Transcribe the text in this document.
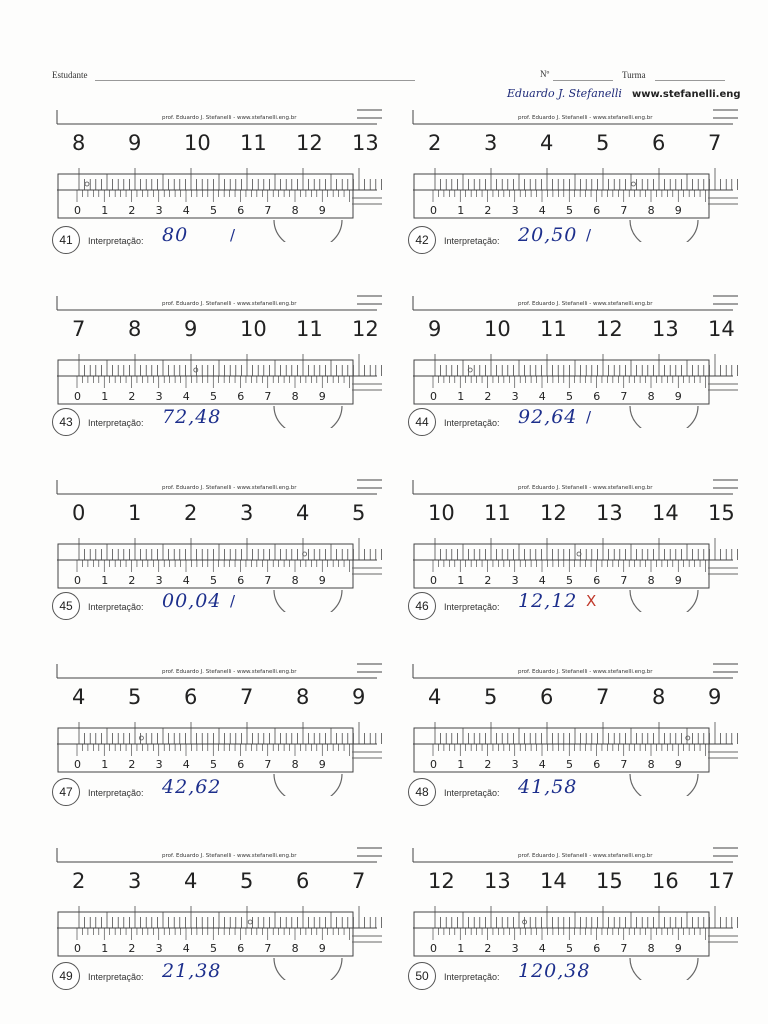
Estudante	Nº	Turma
Eduardo J. Stefanelli www.stefanelli.eng
prof. Eduardo J. Stefanelli - www.stefanelli.eng.br
8 9 10 11 12 13
0 1 2 3 4 5 6 7 8 9
41	Interpretação: 80	/
prof. Eduardo J. Stefanelli - www.stefanelli.eng.br
2 3 4 5 6 7
0 1 2 3 4 5 6 7 8 9
42	Interpretação: 20,50 /
prof. Eduardo J. Stefanelli - www.stefanelli.eng.br
7 8 9 10 11 12
0 1 2 3 4 5 6 7 8 9
43	Interpretação: 72,48
prof. Eduardo J. Stefanelli - www.stefanelli.eng.br
9 10 11 12 13 14
0 1 2 3 4 5 6 7 8 9
44	Interpretação: 92,64 /
prof. Eduardo J. Stefanelli - www.stefanelli.eng.br
0 1 2 3 4 5
0 1 2 3 4 5 6 7 8 9
45	Interpretação: 00,04 /
prof. Eduardo J. Stefanelli - www.stefanelli.eng.br
10 11 12 13 14 15
0 1 2 3 4 5 6 7 8 9
46	Interpretação: 12,12 X
prof. Eduardo J. Stefanelli - www.stefanelli.eng.br
4 5 6 7 8 9
0 1 2 3 4 5 6 7 8 9
47	Interpretação: 42,62
prof. Eduardo J. Stefanelli - www.stefanelli.eng.br
4 5 6 7 8 9
0 1 2 3 4 5 6 7 8 9
48	Interpretação: 41,58
prof. Eduardo J. Stefanelli - www.stefanelli.eng.br
2 3 4 5 6 7
0 1 2 3 4 5 6 7 8 9
49	Interpretação: 21,38
prof. Eduardo J. Stefanelli - www.stefanelli.eng.br
12 13 14 15 16 17
0 1 2 3 4 5 6 7 8 9
50	Interpretação: 120,38
